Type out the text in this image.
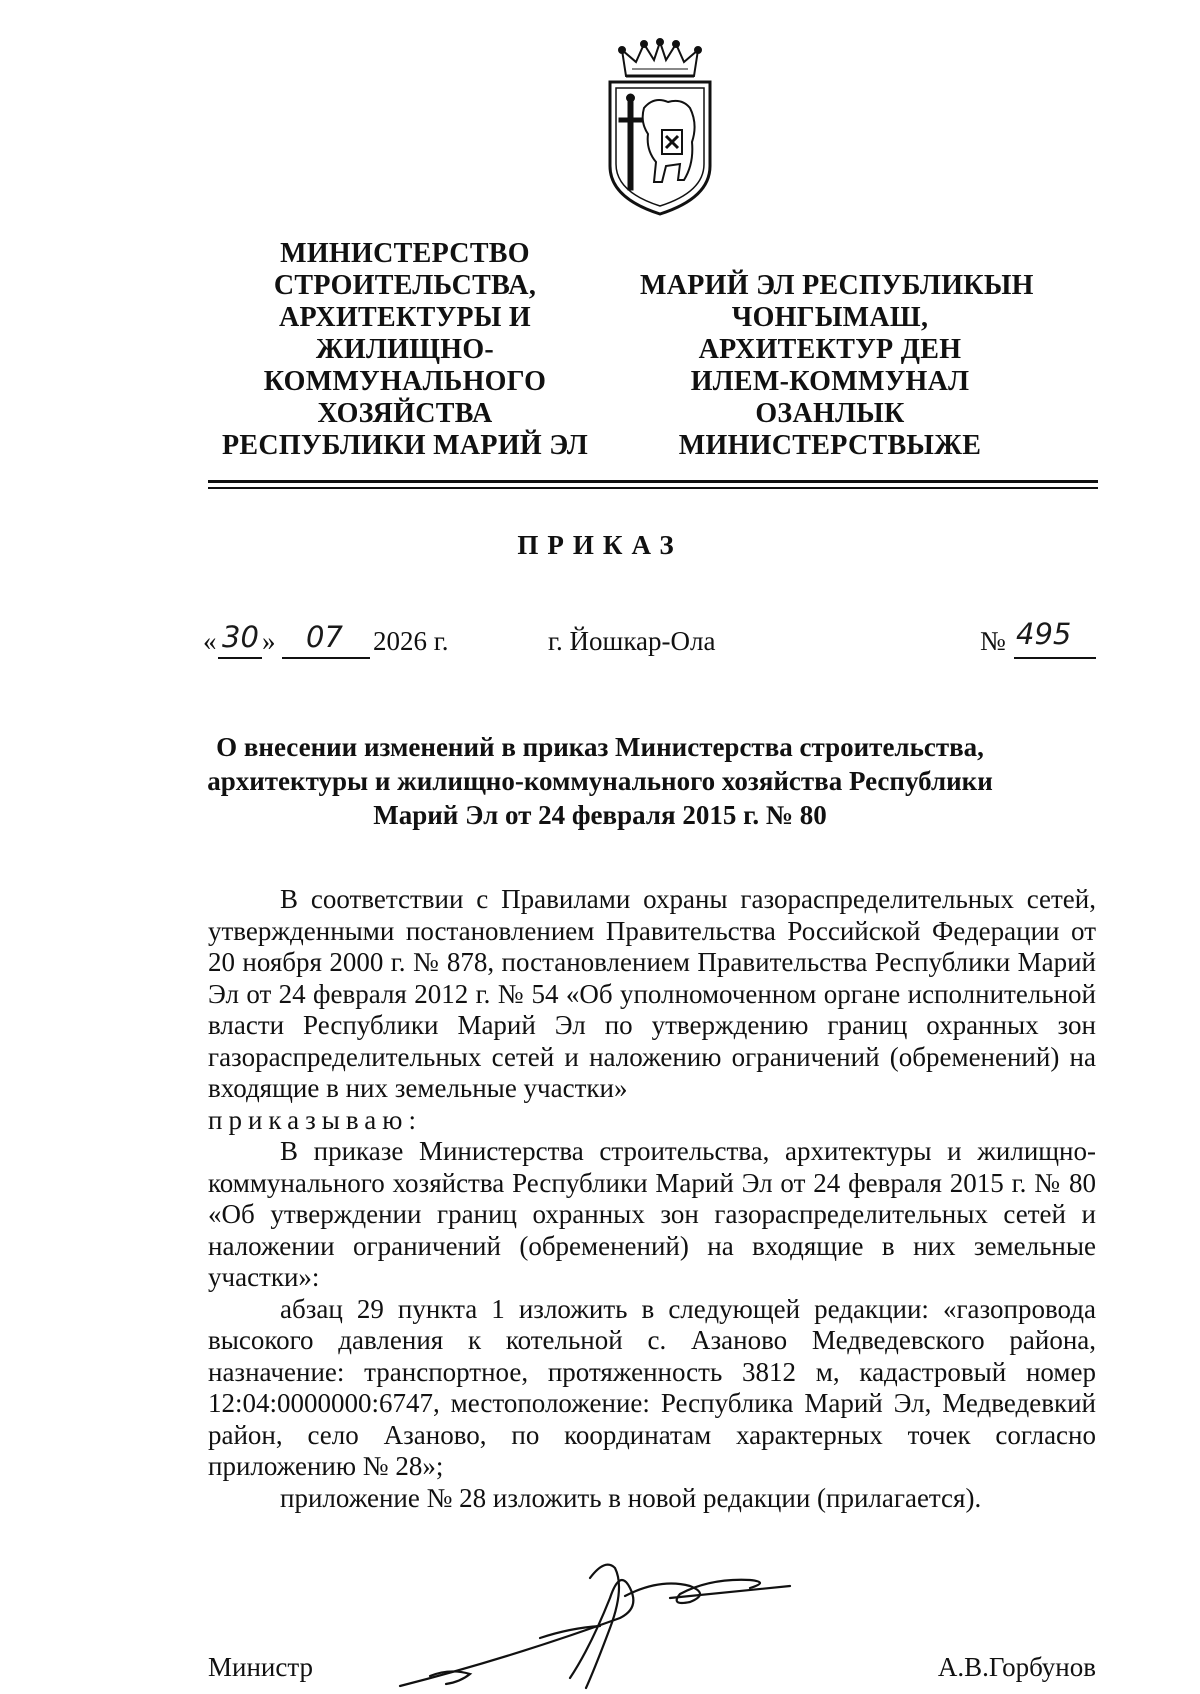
МИНИСТЕРСТВО
СТРОИТЕЛЬСТВА,
АРХИТЕКТУРЫ И
ЖИЛИЩНО-
КОММУНАЛЬНОГО
ХОЗЯЙСТВА
РЕСПУБЛИКИ МАРИЙ ЭЛ
МАРИЙ ЭЛ РЕСПУБЛИКЫН
ЧОНГЫМАШ,
АРХИТЕКТУР ДЕН
ИЛЕМ-КОММУНАЛ
ОЗАНЛЫК
МИНИСТЕРСТВЫЖЕ
ПРИКАЗ
« 30 » 07 2026 г.	г. Йошкар-Ола	№ 495
О внесении изменений в приказ Министерства строительства,
архитектуры и жилищно-коммунального хозяйства Республики
Марий Эл от 24 февраля 2015 г. № 80

В соответствии с Правилами охраны газораспределительных сетей, утвержденными постановлением Правительства Российской Федерации от 20 ноября 2000 г. № 878, постановлением Правительства Республики Марий Эл от 24 февраля 2012 г. № 54 «Об уполномоченном органе исполнительной власти Республики Марий Эл по утверждению границ охранных зон газораспределительных сетей и наложению ограничений (обременений) на входящие в них земельные участки»

приказываю:

В приказе Министерства строительства, архитектуры и жилищно-коммунального хозяйства Республики Марий Эл от 24 февраля 2015 г. № 80 «Об утверждении границ охранных зон газораспределительных сетей и наложении ограничений (обременений) на входящие в них земельные участки»:

абзац 29 пункта 1 изложить в следующей редакции: «газопровода высокого давления к котельной с. Азаново Медведевского района, назначение: транспортное, протяженность 3812 м, кадастровый номер 12:04:0000000:6747, местоположение: Республика Марий Эл, Медведевкий район, село Азаново, по координатам характерных точек согласно приложению № 28»;

приложение № 28 изложить в новой редакции (прилагается).

Министр	А.В.Горбунов
